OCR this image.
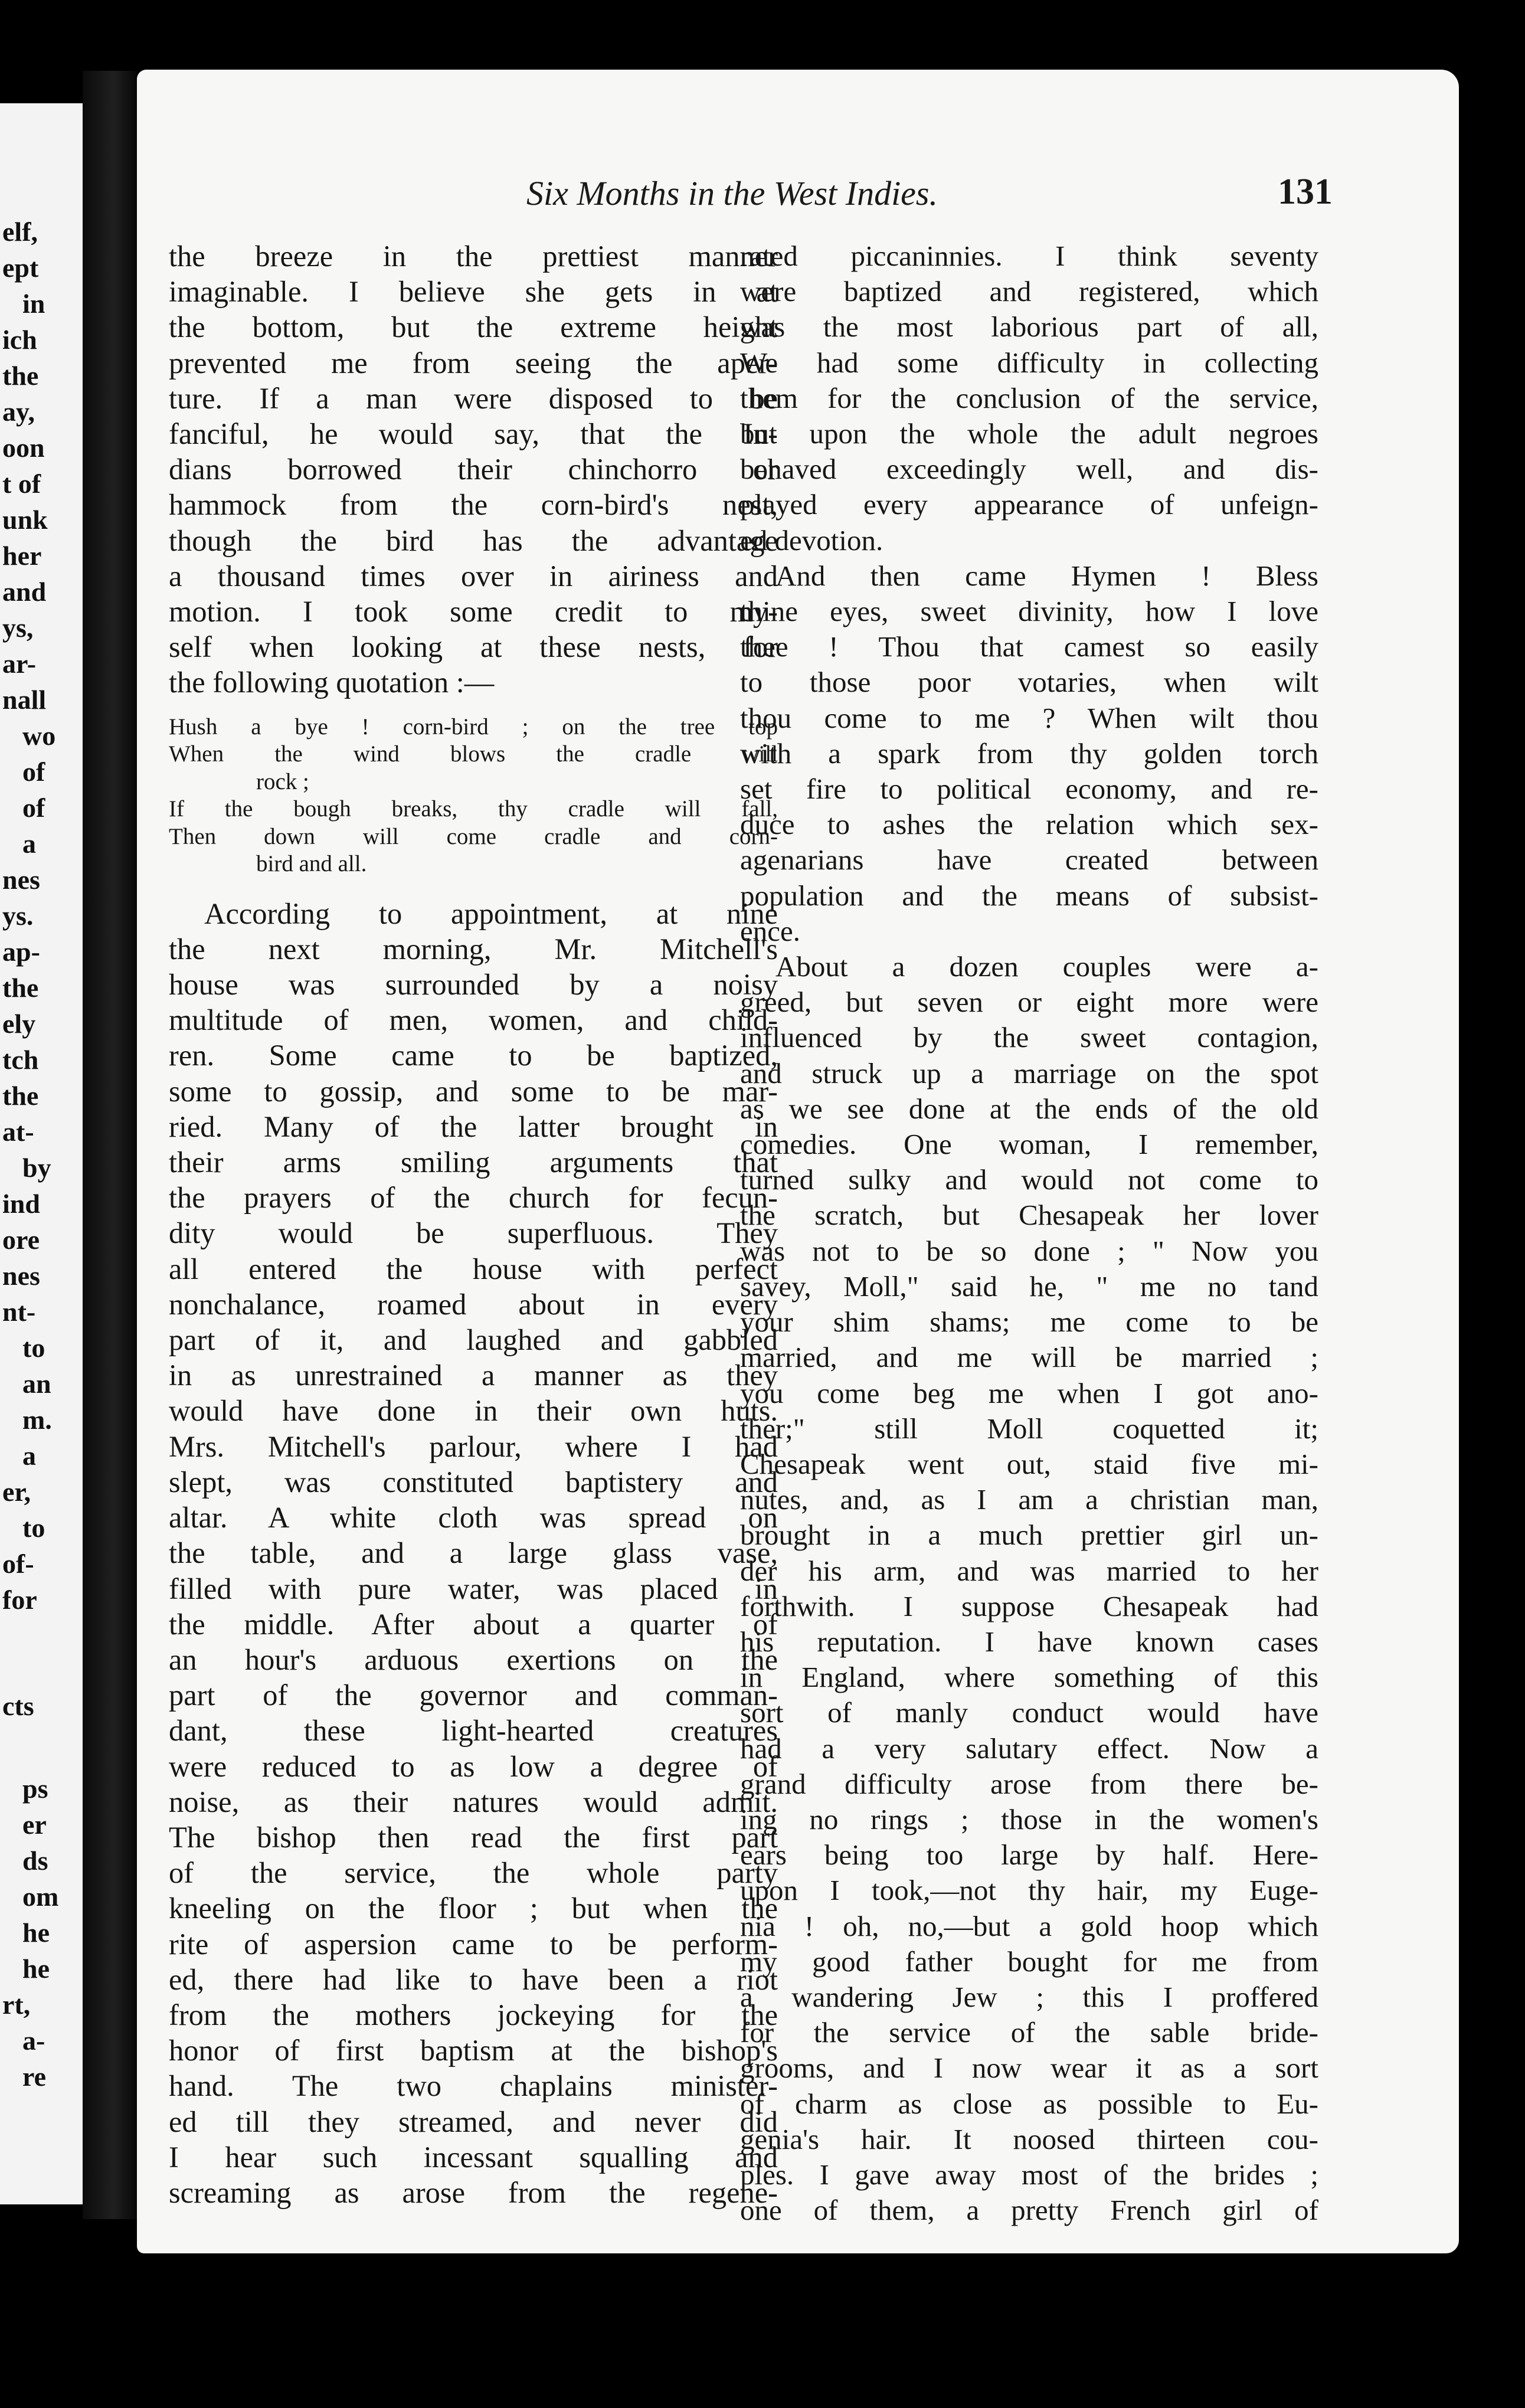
elf,
ept
in
ich
the
ay,
oon
t of
unk
her
and
ys,
ar-
nall
wo
of
of
a
nes
ys.
ap-
the
ely
tch
the
at-
by
ind
ore
nes
nt-
to
an
m.
a
er,
to
of-
for
cts
ps
er
ds
om
he
he
rt,
a-
re
Six Months in the West Indies.	131

the breeze in the prettiest manner

imaginable. I believe she gets in at

the bottom, but the extreme height

prevented me from seeing the aper-

ture. If a man were disposed to be

fanciful, he would say, that the In-

dians borrowed their chinchorro or

hammock from the corn-bird's nest,

though the bird has the advantage

a thousand times over in airiness and

motion. I took some credit to my-

self when looking at these nests, for

the following quotation :—

Hush a bye ! corn-bird ; on the tree top
When the wind blows the cradle will
rock ;
If the bough breaks, thy cradle will fall,
Then down will come cradle and corn-
bird and all.

According to appointment, at nine

the next morning, Mr. Mitchell's

house was surrounded by a noisy

multitude of men, women, and child-

ren. Some came to be baptized,

some to gossip, and some to be mar-

ried. Many of the latter brought in

their arms smiling arguments that

the prayers of the church for fecun-

dity would be superfluous. They

all entered the house with perfect

nonchalance, roamed about in every

part of it, and laughed and gabbled

in as unrestrained a manner as they

would have done in their own huts.

Mrs. Mitchell's parlour, where I had

slept, was constituted baptistery and

altar. A white cloth was spread on

the table, and a large glass vase,

filled with pure water, was placed in

the middle. After about a quarter of

an hour's arduous exertions on the

part of the governor and comman-

dant, these light-hearted creatures

were reduced to as low a degree of

noise, as their natures would admit.

The bishop then read the first part

of the service, the whole party

kneeling on the floor ; but when the

rite of aspersion came to be perform-

ed, there had like to have been a riot

from the mothers jockeying for the

honor of first baptism at the bishop's

hand. The two chaplains minister-

ed till they streamed, and never did

I hear such incessant squalling and

screaming as arose from the regene-

rated piccaninnies. I think seventy

were baptized and registered, which

was the most laborious part of all,

We had some difficulty in collecting

them for the conclusion of the service,

but upon the whole the adult negroes

behaved exceedingly well, and dis-

played every appearance of unfeign-

ed devotion.

And then came Hymen ! Bless

thine eyes, sweet divinity, how I love

thee ! Thou that camest so easily

to those poor votaries, when wilt

thou come to me ? When wilt thou

with a spark from thy golden torch

set fire to political economy, and re-

duce to ashes the relation which sex-

agenarians have created between

population and the means of subsist-

ence.

About a dozen couples were a-

greed, but seven or eight more were

influenced by the sweet contagion,

and struck up a marriage on the spot

as we see done at the ends of the old

comedies. One woman, I remember,

turned sulky and would not come to

the scratch, but Chesapeak her lover

was not to be so done ; " Now you

savey, Moll," said he, " me no tand

your shim shams; me come to be

married, and me will be married ;

you come beg me when I got ano-

ther;" still Moll coquetted it;

Chesapeak went out, staid five mi-

nutes, and, as I am a christian man,

brought in a much prettier girl un-

der his arm, and was married to her

forthwith. I suppose Chesapeak had

his reputation. I have known cases

in England, where something of this

sort of manly conduct would have

had a very salutary effect. Now a

grand difficulty arose from there be-

ing no rings ; those in the women's

ears being too large by half. Here-

upon I took,—not thy hair, my Euge-

nia ! oh, no,—but a gold hoop which

my good father bought for me from

a wandering Jew ; this I proffered

for the service of the sable bride-

grooms, and I now wear it as a sort

of charm as close as possible to Eu-

genia's hair. It noosed thirteen cou-

ples. I gave away most of the brides ;

one of them, a pretty French girl of
